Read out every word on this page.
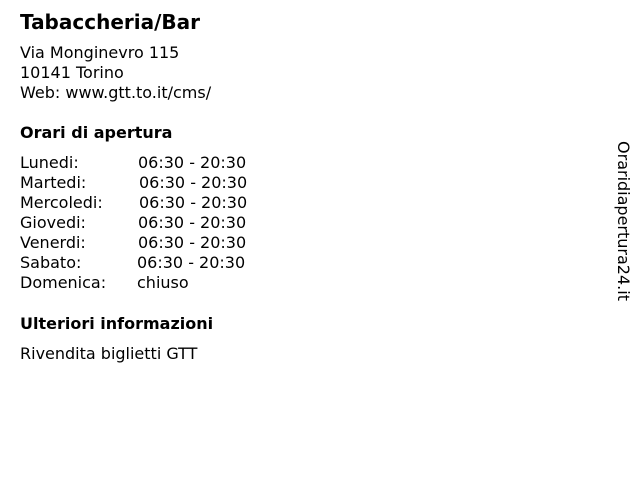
Tabaccheria/Bar
Via Monginevro 115
10141 Torino
Web: www.gtt.to.it/cms/
Orari di apertura
Lunedi:	06:30 - 20:30
Martedi:	06:30 - 20:30
Mercoledi: 06:30 - 20:30
Giovedi:	06:30 - 20:30
Venerdi:	06:30 - 20:30
Sabato:	06:30 - 20:30
Domenica: chiuso
Ulteriori informazioni
Rivendita biglietti GTT
Oraridiapertura24.it
